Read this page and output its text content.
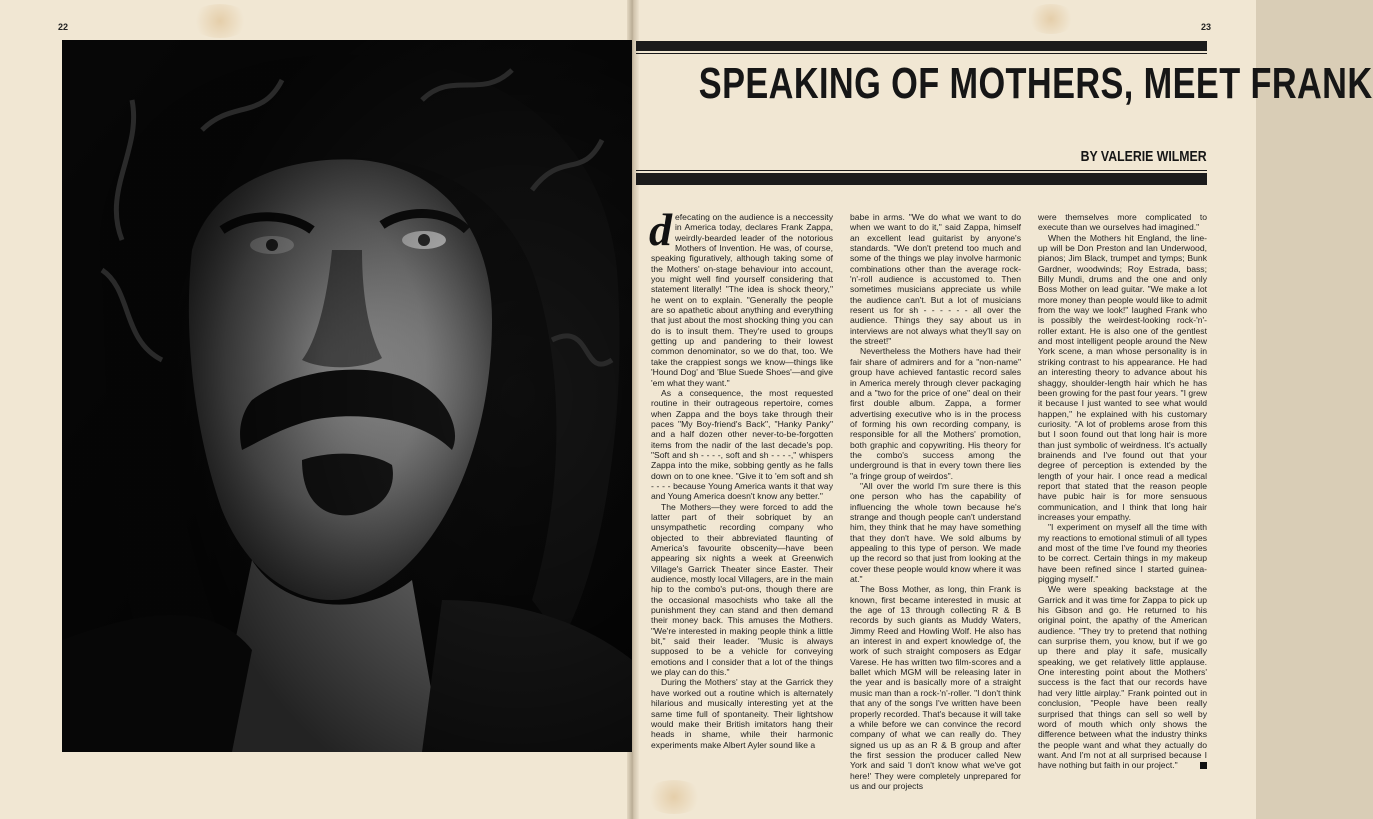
22	23
SPEAKING OF MOTHERS, MEET FRANK
BY VALERIE WILMER

defecating on the audience is a neccessity in America today, declares Frank Zappa, weirdly-bearded leader of the notorious Mothers of Invention. He was, of course, speaking figuratively, although taking some of the Mothers' on-stage behaviour into account, you might well find yourself considering that statement literally! "The idea is shock theory," he went on to explain. "Generally the people are so apathetic about anything and everything that just about the most shocking thing you can do is to insult them. They're used to groups getting up and pandering to their lowest common denominator, so we do that, too. We take the crappiest songs we know—things like 'Hound Dog' and 'Blue Suede Shoes'—and give 'em what they want."

As a consequence, the most requested routine in their outrageous repertoire, comes when Zappa and the boys take through their paces "My Boy-friend's Back", "Hanky Panky" and a half dozen other never-to-be-forgotten items from the nadir of the last decade's pop. "Soft and sh - - - -, soft and sh - - - -," whispers Zappa into the mike, sobbing gently as he falls down on to one knee. "Give it to 'em soft and sh - - - - because Young America wants it that way and Young America doesn't know any better."

The Mothers—they were forced to add the latter part of their sobriquet by an unsympathetic recording company who objected to their abbreviated flaunting of America's favourite obscenity—have been appearing six nights a week at Greenwich Village's Garrick Theater since Easter. Their audience, mostly local Villagers, are in the main hip to the combo's put-ons, though there are the occasional masochists who take all the punishment they can stand and then demand their money back. This amuses the Mothers. "We're interested in making people think a little bit," said their leader. "Music is always supposed to be a vehicle for conveying emotions and I consider that a lot of the things we play can do this."

During the Mothers' stay at the Garrick they have worked out a routine which is alternately hilarious and musically interesting yet at the same time full of spontaneity. Their lightshow would make their British imitators hang their heads in shame, while their harmonic experiments make Albert Ayler sound like a

babe in arms. "We do what we want to do when we want to do it," said Zappa, himself an excellent lead guitarist by anyone's standards. "We don't pretend too much and some of the things we play involve harmonic combinations other than the average rock-'n'-roll audience is accustomed to. Then sometimes musicians appreciate us while the audience can't. But a lot of musicians resent us for sh - - - - - - all over the audience. Things they say about us in interviews are not always what they'll say on the street!"

Nevertheless the Mothers have had their fair share of admirers and for a "non-name" group have achieved fantastic record sales in America merely through clever packaging and a "two for the price of one" deal on their first double album. Zappa, a former advertising executive who is in the process of forming his own recording company, is responsible for all the Mothers' promotion, both graphic and copywriting. His theory for the combo's success among the underground is that in every town there lies "a fringe group of weirdos".

"All over the world I'm sure there is this one person who has the capability of influencing the whole town because he's strange and though people can't understand him, they think that he may have something that they don't have. We sold albums by appealing to this type of person. We made up the record so that just from looking at the cover these people would know where it was at."

The Boss Mother, as long, thin Frank is known, first became interested in music at the age of 13 through collecting R & B records by such giants as Muddy Waters, Jimmy Reed and Howling Wolf. He also has an interest in and expert knowledge of, the work of such straight composers as Edgar Varese. He has written two film-scores and a ballet which MGM will be releasing later in the year and is basically more of a straight music man than a rock-'n'-roller. "I don't think that any of the songs I've written have been properly recorded. That's because it will take a while before we can convince the record company of what we can really do. They signed us up as an R & B group and after the first session the producer called New York and said 'I don't know what we've got here!' They were completely unprepared for us and our projects

were themselves more complicated to execute than we ourselves had imagined."

When the Mothers hit England, the line-up will be Don Preston and Ian Underwood, pianos; Jim Black, trumpet and tymps; Bunk Gardner, woodwinds; Roy Estrada, bass; Billy Mundi, drums and the one and only Boss Mother on lead guitar. "We make a lot more money than people would like to admit from the way we look!" laughed Frank who is possibly the weirdest-looking rock-'n'-roller extant. He is also one of the gentlest and most intelligent people around the New York scene, a man whose personality is in striking contrast to his appearance. He had an interesting theory to advance about his shaggy, shoulder-length hair which he has been growing for the past four years. "I grew it because I just wanted to see what would happen," he explained with his customary curiosity. "A lot of problems arose from this but I soon found out that long hair is more than just symbolic of weirdness. It's actually brainends and I've found out that your degree of perception is extended by the length of your hair. I once read a medical report that stated that the reason people have pubic hair is for more sensuous communication, and I think that long hair increases your empathy.

"I experiment on myself all the time with my reactions to emotional stimuli of all types and most of the time I've found my theories to be correct. Certain things in my makeup have been refined since I started guinea-pigging myself."

We were speaking backstage at the Garrick and it was time for Zappa to pick up his Gibson and go. He returned to his original point, the apathy of the American audience. "They try to pretend that nothing can surprise them, you know, but if we go up there and play it safe, musically speaking, we get relatively little applause. One interesting point about the Mothers' success is the fact that our records have had very little airplay." Frank pointed out in conclusion, "People have been really surprised that things can sell so well by word of mouth which only shows the difference between what the industry thinks the people want and what they actually do want. And I'm not at all surprised because I have nothing but faith in our project."
